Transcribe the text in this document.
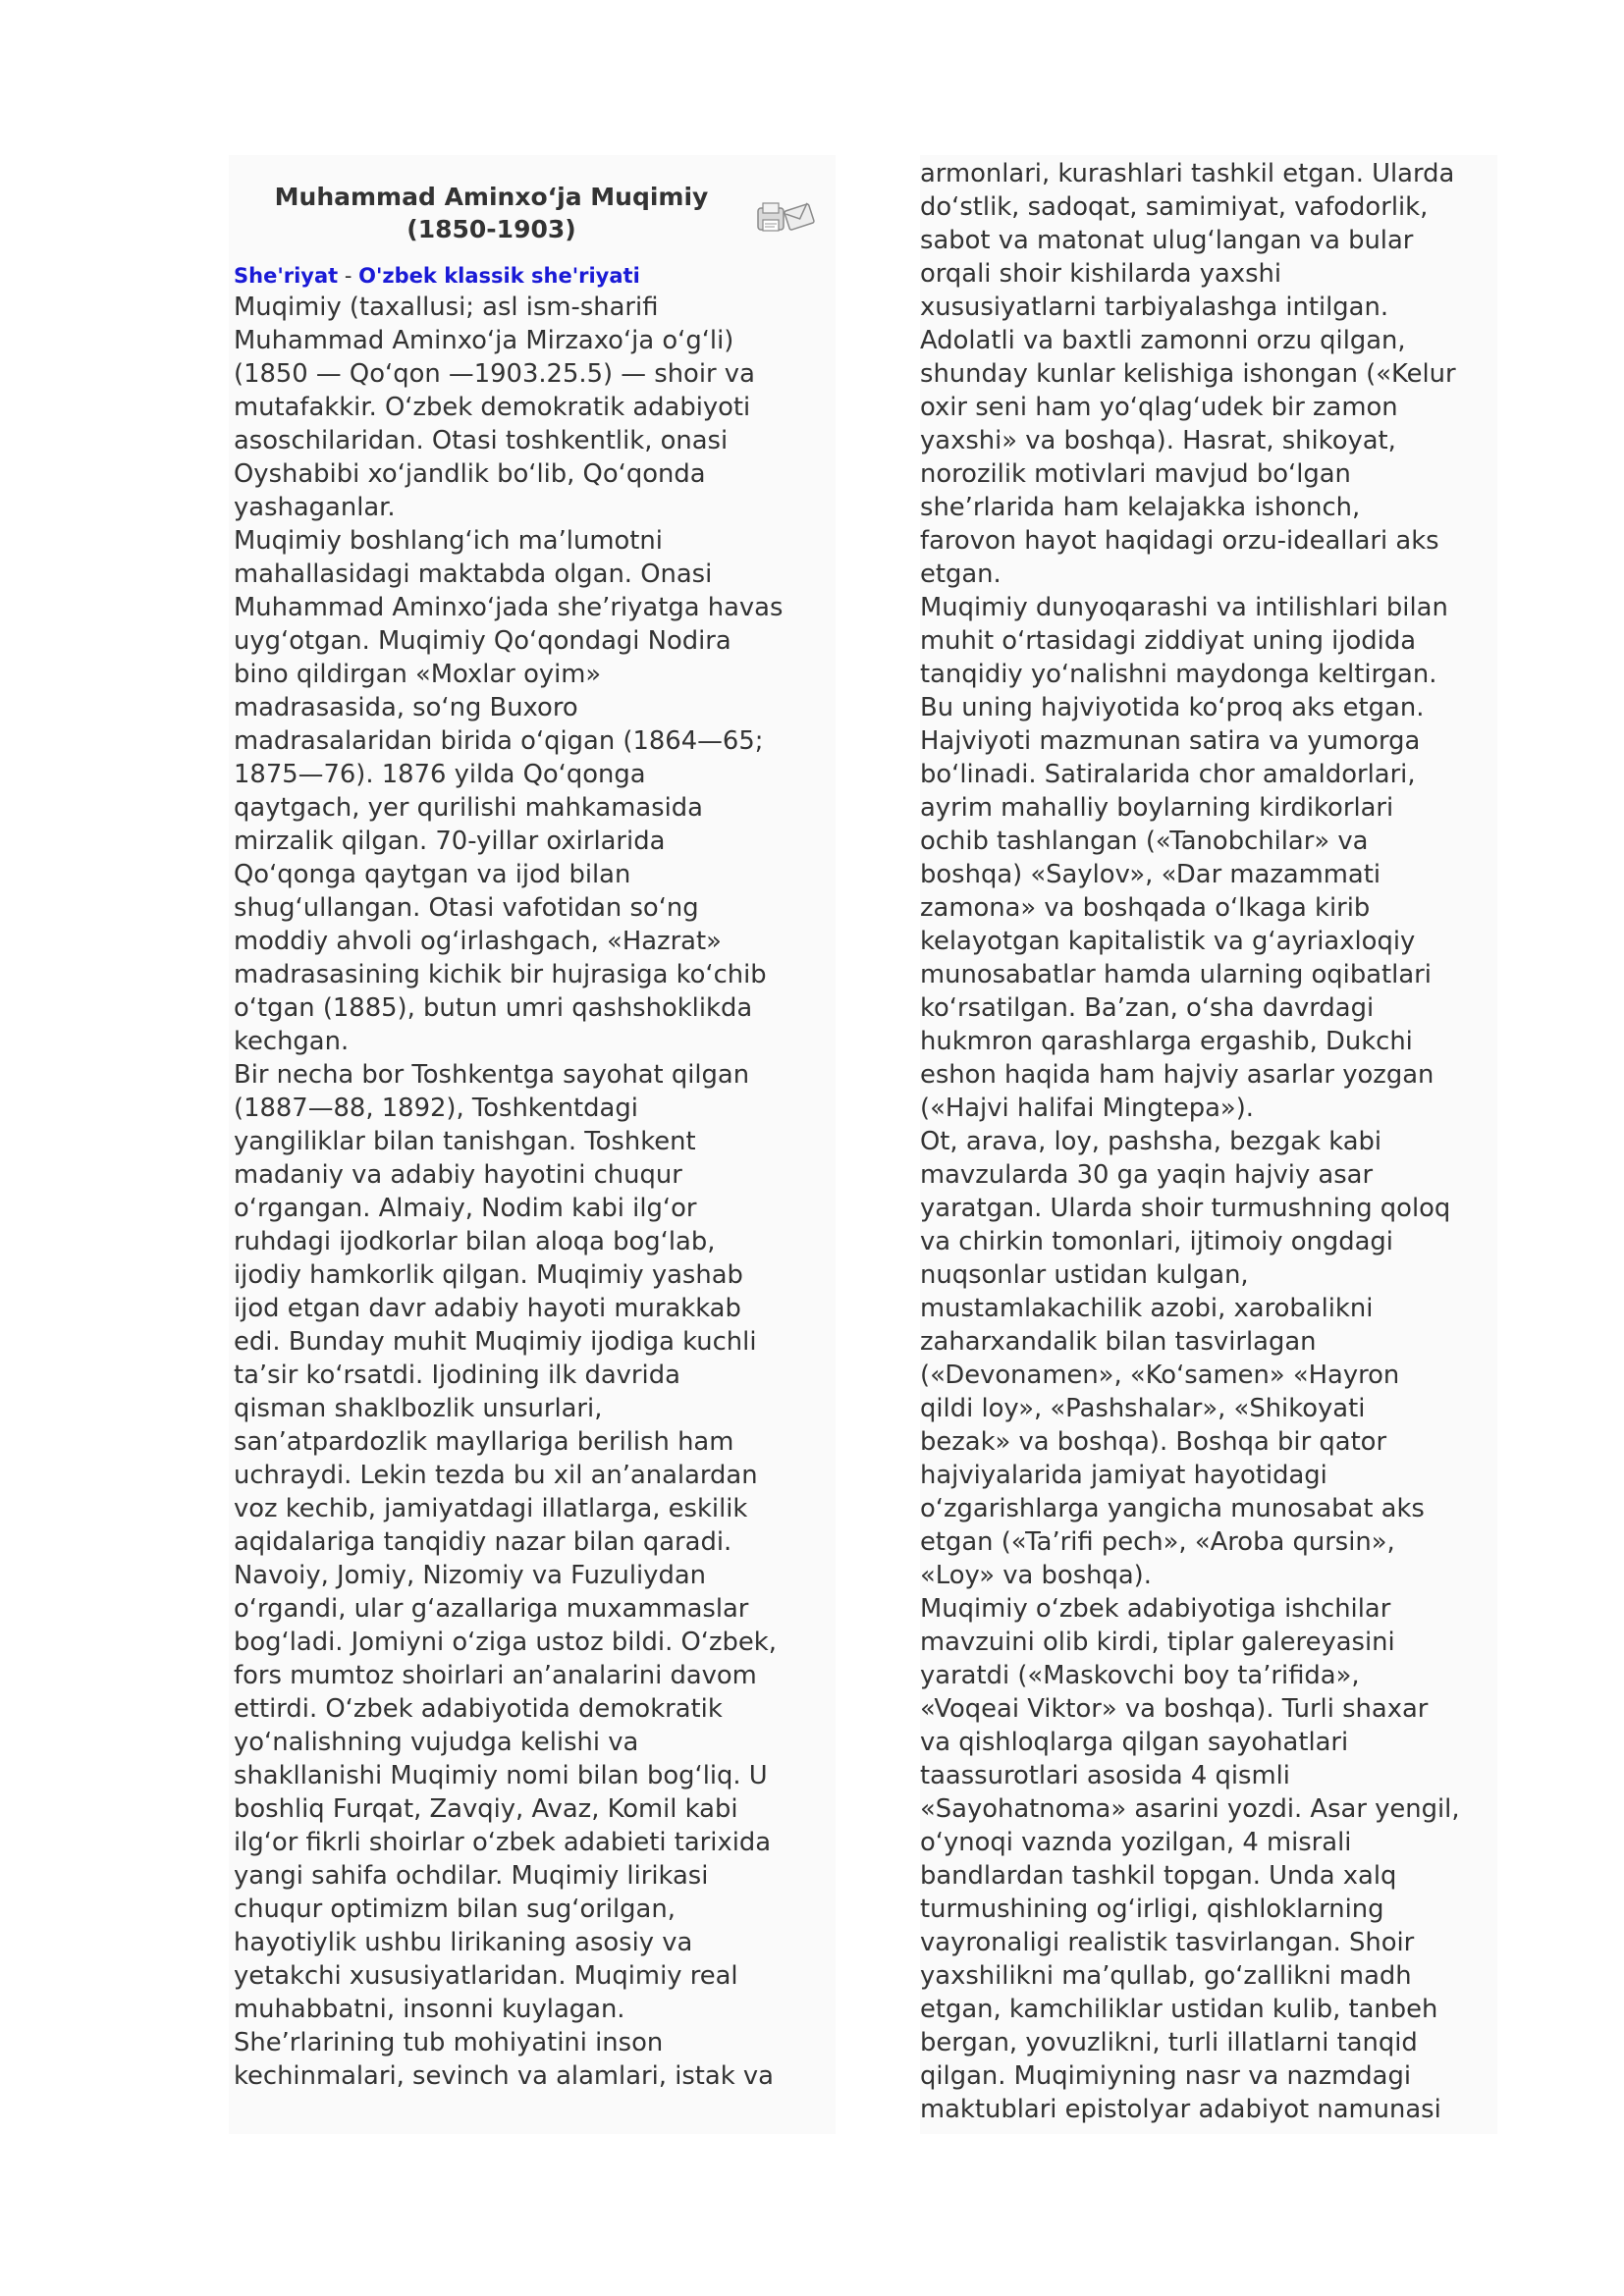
Muhammad Aminxo‘ja Muqimiy
(1850-1903)
She'riyat - O'zbek klassik she'riyati
Muqimiy (taxallusi; asl ism-sharifi
Muhammad Aminxo‘ja Mirzaxo‘ja o‘g‘li)
(1850 — Qo‘qon —1903.25.5) — shoir va
mutafakkir. O‘zbek demokratik adabiyoti
asoschilaridan. Otasi toshkentlik, onasi
Oyshabibi xo‘jandlik bo‘lib, Qo‘qonda
yashaganlar.
Muqimiy boshlang‘ich ma’lumotni
mahallasidagi maktabda olgan. Onasi
Muhammad Aminxo‘jada she’riyatga havas
uyg‘otgan. Muqimiy Qo‘qondagi Nodira
bino qildirgan «Moxlar oyim»
madrasasida, so‘ng Buxoro
madrasalaridan birida o‘qigan (1864—65;
1875—76). 1876 yilda Qo‘qonga
qaytgach, yer qurilishi mahkamasida
mirzalik qilgan. 70-yillar oxirlarida
Qo‘qonga qaytgan va ijod bilan
shug‘ullangan. Otasi vafotidan so‘ng
moddiy ahvoli og‘irlashgach, «Hazrat»
madrasasining kichik bir hujrasiga ko‘chib
o‘tgan (1885), butun umri qashshoklikda
kechgan.
Bir necha bor Toshkentga sayohat qilgan
(1887—88, 1892), Toshkentdagi
yangiliklar bilan tanishgan. Toshkent
madaniy va adabiy hayotini chuqur
o‘rgangan. Almaiy, Nodim kabi ilg‘or
ruhdagi ijodkorlar bilan aloqa bog‘lab,
ijodiy hamkorlik qilgan. Muqimiy yashab
ijod etgan davr adabiy hayoti murakkab
edi. Bunday muhit Muqimiy ijodiga kuchli
ta’sir ko‘rsatdi. Ijodining ilk davrida
qisman shaklbozlik unsurlari,
san’atpardozlik mayllariga berilish ham
uchraydi. Lekin tezda bu xil an’analardan
voz kechib, jamiyatdagi illatlarga, eskilik
aqidalariga tanqidiy nazar bilan qaradi.
Navoiy, Jomiy, Nizomiy va Fuzuliydan
o‘rgandi, ular g‘azallariga muxammaslar
bog‘ladi. Jomiyni o‘ziga ustoz bildi. O‘zbek,
fors mumtoz shoirlari an’analarini davom
ettirdi. O‘zbek adabiyotida demokratik
yo‘nalishning vujudga kelishi va
shakllanishi Muqimiy nomi bilan bog‘liq. U
boshliq Furqat, Zavqiy, Avaz, Komil kabi
ilg‘or fikrli shoirlar o‘zbek adabieti tarixida
yangi sahifa ochdilar. Muqimiy lirikasi
chuqur optimizm bilan sug‘orilgan,
hayotiylik ushbu lirikaning asosiy va
yetakchi xususiyatlaridan. Muqimiy real
muhabbatni, insonni kuylagan.
She’rlarining tub mohiyatini inson
kechinmalari, sevinch va alamlari, istak va
armonlari, kurashlari tashkil etgan. Ularda
do‘stlik, sadoqat, samimiyat, vafodorlik,
sabot va matonat ulug‘langan va bular
orqali shoir kishilarda yaxshi
xususiyatlarni tarbiyalashga intilgan.
Adolatli va baxtli zamonni orzu qilgan,
shunday kunlar kelishiga ishongan («Kelur
oxir seni ham yo‘qlag‘udek bir zamon
yaxshi» va boshqa). Hasrat, shikoyat,
norozilik motivlari mavjud bo‘lgan
she’rlarida ham kelajakka ishonch,
farovon hayot haqidagi orzu-ideallari aks
etgan.
Muqimiy dunyoqarashi va intilishlari bilan
muhit o‘rtasidagi ziddiyat uning ijodida
tanqidiy yo‘nalishni maydonga keltirgan.
Bu uning hajviyotida ko‘proq aks etgan.
Hajviyoti mazmunan satira va yumorga
bo‘linadi. Satiralarida chor amaldorlari,
ayrim mahalliy boylarning kirdikorlari
ochib tashlangan («Tanobchilar» va
boshqa) «Saylov», «Dar mazammati
zamona» va boshqada o‘lkaga kirib
kelayotgan kapitalistik va g‘ayriaxloqiy
munosabatlar hamda ularning oqibatlari
ko‘rsatilgan. Ba’zan, o‘sha davrdagi
hukmron qarashlarga ergashib, Dukchi
eshon haqida ham hajviy asarlar yozgan
(«Hajvi halifai Mingtepa»).
Ot, arava, loy, pashsha, bezgak kabi
mavzularda 30 ga yaqin hajviy asar
yaratgan. Ularda shoir turmushning qoloq
va chirkin tomonlari, ijtimoiy ongdagi
nuqsonlar ustidan kulgan,
mustamlakachilik azobi, xarobalikni
zaharxandalik bilan tasvirlagan
(«Devonamen», «Ko‘samen» «Hayron
qildi loy», «Pashshalar», «Shikoyati
bezak» va boshqa). Boshqa bir qator
hajviyalarida jamiyat hayotidagi
o‘zgarishlarga yangicha munosabat aks
etgan («Ta’rifi pech», «Aroba qursin»,
«Loy» va boshqa).
Muqimiy o‘zbek adabiyotiga ishchilar
mavzuini olib kirdi, tiplar galereyasini
yaratdi («Maskovchi boy ta’rifida»,
«Voqeai Viktor» va boshqa). Turli shaxar
va qishloqlarga qilgan sayohatlari
taassurotlari asosida 4 qismli
«Sayohatnoma» asarini yozdi. Asar yengil,
o‘ynoqi vaznda yozilgan, 4 misrali
bandlardan tashkil topgan. Unda xalq
turmushining og‘irligi, qishloklarning
vayronaligi realistik tasvirlangan. Shoir
yaxshilikni ma’qullab, go‘zallikni madh
etgan, kamchiliklar ustidan kulib, tanbeh
bergan, yovuzlikni, turli illatlarni tanqid
qilgan. Muqimiyning nasr va nazmdagi
maktublari epistolyar adabiyot namunasi
